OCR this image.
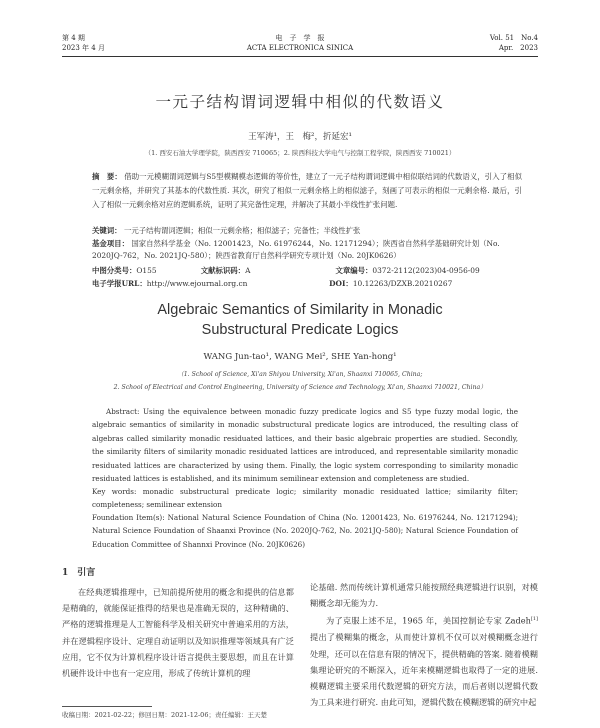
第 4 期
2023 年 4 月
电　子　学　报
ACTA ELECTRONICA SINICA
Vol. 51　No.4
Apr.　2023
一元子结构谓词逻辑中相似的代数语义
王军涛¹，王　梅²，折延宏¹
（1. 西安石油大学理学院，陕西西安 710065；2. 陕西科技大学电气与控制工程学院，陕西西安 710021）
摘　要： 借助一元模糊谓词逻辑与S5型模糊模态逻辑的等价性，建立了一元子结构谓词逻辑中相似联结词的代数语义，引入了相似一元剩余格，并研究了其基本的代数性质. 其次，研究了相似一元剩余格上的相似滤子，刻画了可表示的相似一元剩余格. 最后，引入了相似一元剩余格对应的逻辑系统，证明了其完备性定理，并解决了其最小半线性扩张问题.
关键词： 一元子结构谓词逻辑；相似一元剩余格；相似滤子；完备性；半线性扩张
基金项目： 国家自然科学基金（No. 12001423，No. 61976244，No. 12171294）；陕西省自然科学基础研究计划（No. 2020JQ-762，No. 2021JQ-580）；陕西省教育厅自然科学研究专项计划（No. 20JK0626）
中图分类号：O155	文献标识码：A	文章编号：0372-2112(2023)04-0956-09
电子学报URL：http://www.ejournal.org.cn	DOI：10.12263/DZXB.20210267
Algebraic Semantics of Similarity in Monadic Substructural Predicate Logics
WANG Jun-tao¹, WANG Mei², SHE Yan-hong¹
（1. School of Science, Xi'an Shiyou University, Xi'an, Shaanxi 710065, China;
2. School of Electrical and Control Engineering, University of Science and Technology, Xi'an, Shaanxi 710021, China）
Abstract: Using the equivalence between monadic fuzzy predicate logics and S5 type fuzzy modal logic, the algebraic semantics of similarity in monadic substructural predicate logics are introduced, the resulting class of algebras called similarity monadic residuated lattices, and their basic algebraic properties are studied. Secondly, the similarity filters of similarity monadic residuated lattices are introduced, and representable similarity monadic residuated lattices are characterized by using them. Finally, the logic system corresponding to similarity monadic residuated lattices is established, and its minimum semilinear extension and completeness are studied.
Key words: monadic substructural predicate logic; similarity monadic residuated lattice; similarity filter; completeness; semilinear extension
Foundation Item(s): National Natural Science Foundation of China (No. 12001423, No. 61976244, No. 12171294); Natural Science Foundation of Shaanxi Province (No. 2020JQ-762, No. 2021JQ-580); Natural Science Foundation of Education Committee of Shannxi Province (No. 20JK0626)
1　引言
在经典逻辑推理中，已知前提所使用的概念和提供的信息都是精确的，就能保证推得的结果也是准确无误的，这种精确的、严格的逻辑推理是人工智能科学及相关研究中普遍采用的方法，并在逻辑程序设计、定理自动证明以及知识推理等领域具有广泛应用，它不仅为计算机程序设计语言提供主要思想，而且在计算机硬件设计中也有一定应用，形成了传统计算机的理
论基础. 然而传统计算机通常只能按照经典逻辑进行识别，对模糊概念却无能为力.
为了克服上述不足，1965 年，美国控制论专家 Zadeh[1]提出了模糊集的概念，从而使计算机不仅可以对模糊概念进行处理，还可以在信息有限的情况下，提供精确的答案. 随着模糊集理论研究的不断深入，近年来模糊逻辑也取得了一定的进展. 模糊逻辑主要采用代数逻辑的研究方法，而后者则以逻辑代数为工具来进行研究. 由此可知，逻辑代数在模糊逻辑的研究中起
收稿日期：2021-02-22；修回日期：2021-12-06；责任编辑：王天楚
